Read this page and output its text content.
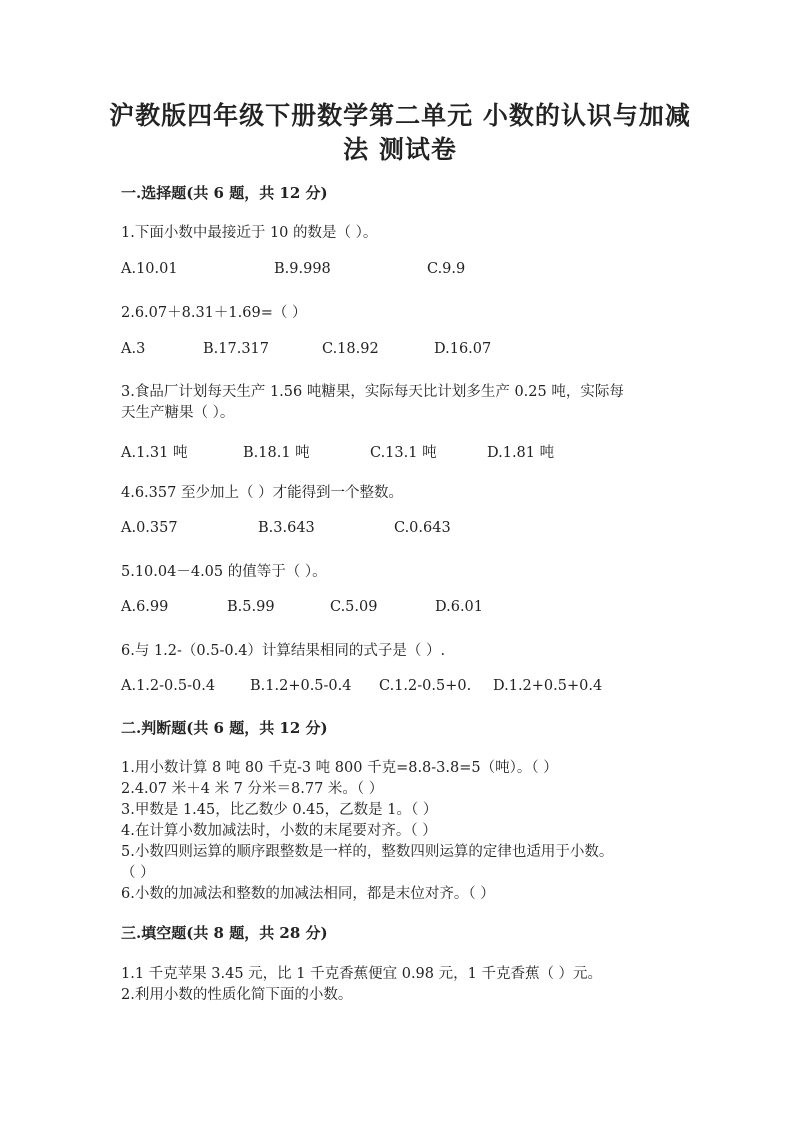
沪教版四年级下册数学第二单元 小数的认识与加减
法 测试卷
一.选择题(共 6 题，共 12 分)
1.下面小数中最接近于 10 的数是（ ）。
A.10.01	B.9.998	C.9.9
2.6.07＋8.31＋1.69=（ ）
A.3	B.17.317	C.18.92	D.16.07
3.食品厂计划每天生产 1.56 吨糖果，实际每天比计划多生产 0.25 吨，实际每
天生产糖果（ ）。
A.1.31 吨	B.18.1 吨	C.13.1 吨	D.1.81 吨
4.6.357 至少加上（ ）才能得到一个整数。
A.0.357	B.3.643	C.0.643
5.10.04－4.05 的值等于（ ）。
A.6.99	B.5.99	C.5.09	D.6.01
6.与 1.2-（0.5-0.4）计算结果相同的式子是（ ）.
A.1.2-0.5-0.4 B.1.2+0.5-0.4 C.1.2-0.5+0. D.1.2+0.5+0.4
二.判断题(共 6 题，共 12 分)
1.用小数计算 8 吨 80 千克-3 吨 800 千克=8.8-3.8=5（吨）。（ ）
2.4.07 米＋4 米 7 分米＝8.77 米。（ ）
3.甲数是 1.45，比乙数少 0.45，乙数是 1。（ ）
4.在计算小数加减法时，小数的末尾要对齐。（ ）
5.小数四则运算的顺序跟整数是一样的，整数四则运算的定律也适用于小数。
（ ）
6.小数的加减法和整数的加减法相同，都是末位对齐。（ ）
三.填空题(共 8 题，共 28 分)
1.1 千克苹果 3.45 元，比 1 千克香蕉便宜 0.98 元，1 千克香蕉（ ）元。
2.利用小数的性质化简下面的小数。
